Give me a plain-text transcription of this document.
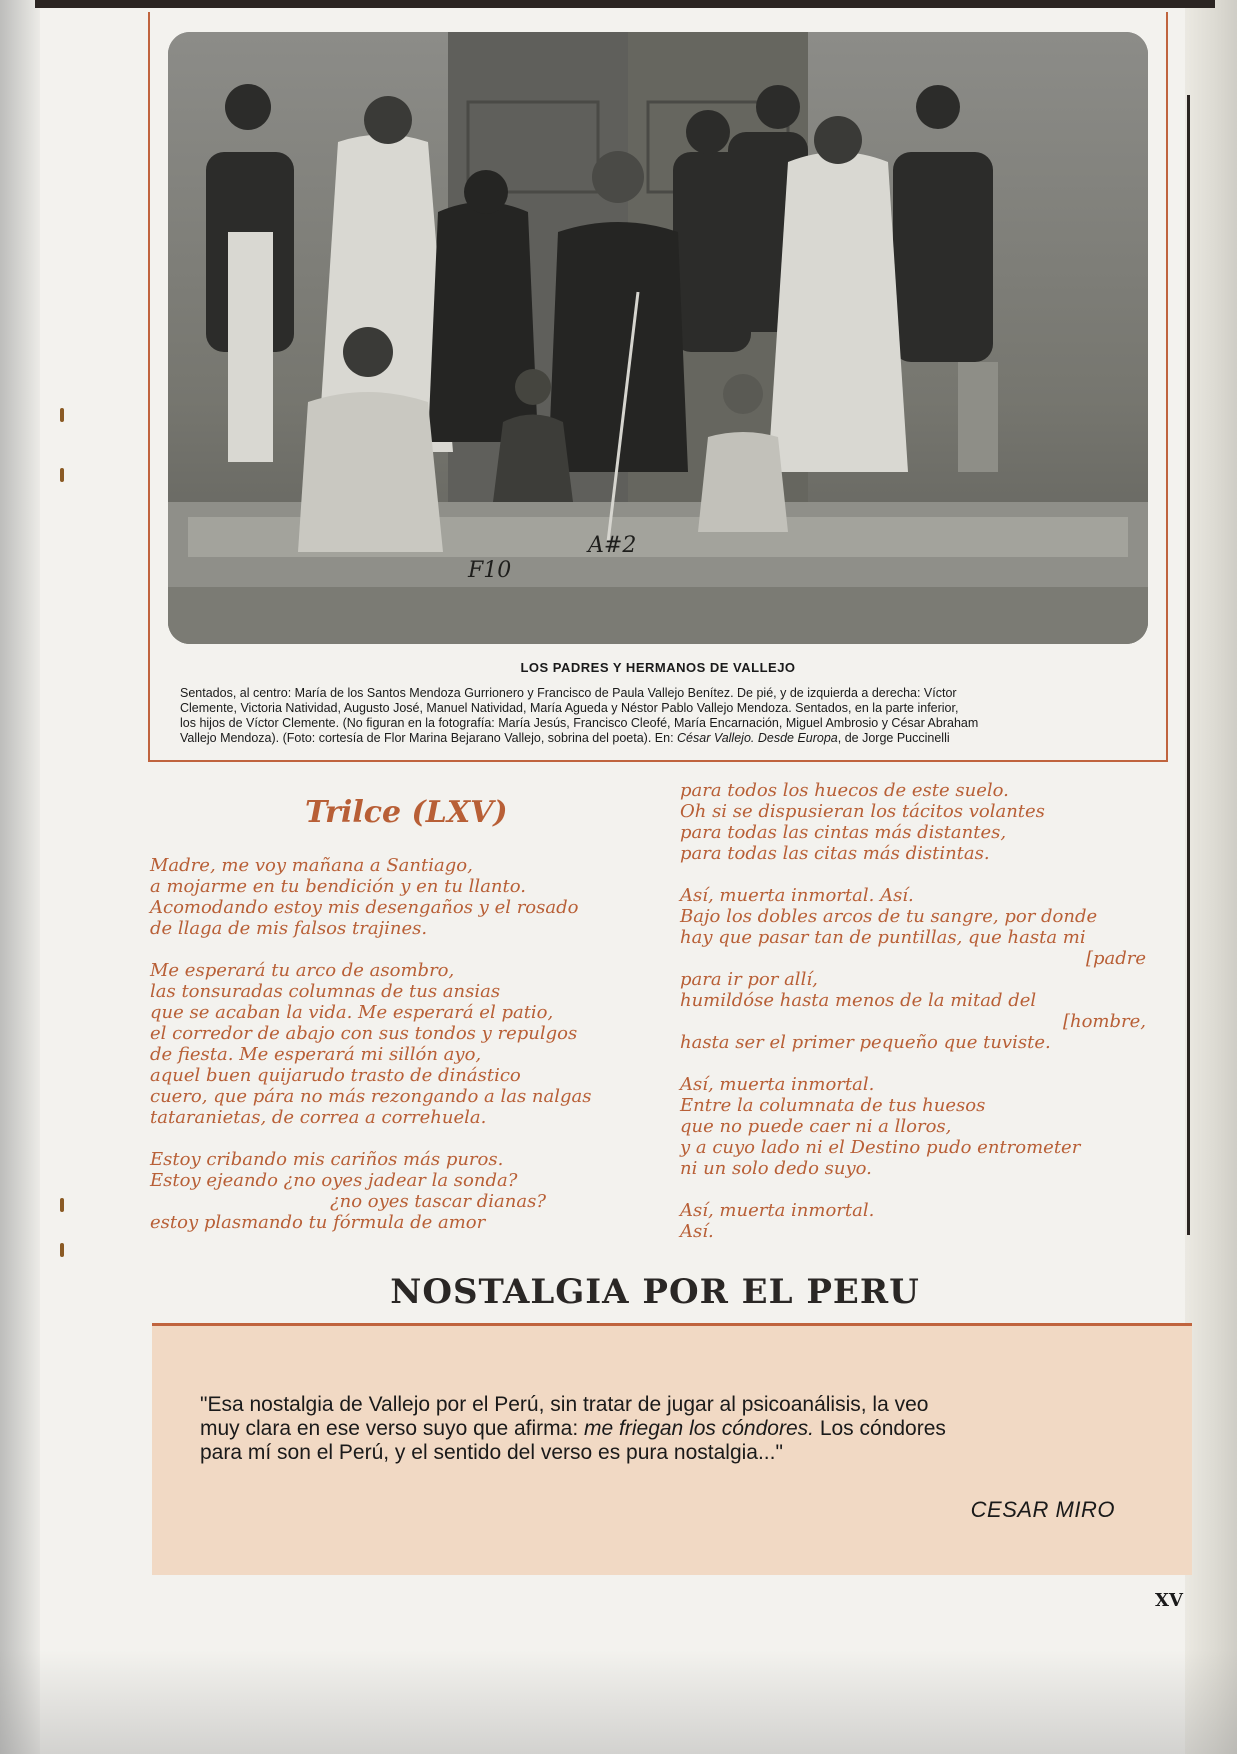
F10
A#2
LOS PADRES Y HERMANOS DE VALLEJO
Sentados, al centro: María de los Santos Mendoza Gurrionero y Francisco de Paula Vallejo Benítez. De pié, y de izquierda a derecha: Víctor
Clemente, Victoria Natividad, Augusto José, Manuel Natividad, María Agueda y Néstor Pablo Vallejo Mendoza. Sentados, en la parte inferior,
los hijos de Víctor Clemente. (No figuran en la fotografía: María Jesús, Francisco Cleofé, María Encarnación, Miguel Ambrosio y César Abraham
Vallejo Mendoza). (Foto: cortesía de Flor Marina Bejarano Vallejo, sobrina del poeta). En: César Vallejo. Desde Europa, de Jorge Puccinelli
Trilce (LXV)
Madre, me voy mañana a Santiago,
a mojarme en tu bendición y en tu llanto.
Acomodando estoy mis desengaños y el rosado
de llaga de mis falsos trajines.
Me esperará tu arco de asombro,
las tonsuradas columnas de tus ansias
que se acaban la vida. Me esperará el patio,
el corredor de abajo con sus tondos y repulgos
de fiesta. Me esperará mi sillón ayo,
aquel buen quijarudo trasto de dinástico
cuero, que pára no más rezongando a las nalgas
tataranietas, de correa a correhuela.
Estoy cribando mis cariños más puros.
Estoy ejeando ¿no oyes jadear la sonda?
¿no oyes tascar dianas?
estoy plasmando tu fórmula de amor
para todos los huecos de este suelo.
Oh si se dispusieran los tácitos volantes
para todas las cintas más distantes,
para todas las citas más distintas.
Así, muerta inmortal. Así.
Bajo los dobles arcos de tu sangre, por donde
hay que pasar tan de puntillas, que hasta mi
[padre
para ir por allí,
humildóse hasta menos de la mitad del
[hombre,
hasta ser el primer pequeño que tuviste.
Así, muerta inmortal.
Entre la columnata de tus huesos
que no puede caer ni a lloros,
y a cuyo lado ni el Destino pudo entrometer
ni un solo dedo suyo.
Así, muerta inmortal.
Así.
NOSTALGIA POR EL PERU
"Esa nostalgia de Vallejo por el Perú, sin tratar de jugar al psicoanálisis, la veo
muy clara en ese verso suyo que afirma: me friegan los cóndores. Los cóndores
para mí son el Perú, y el sentido del verso es pura nostalgia..."
CESAR MIRO
XV
